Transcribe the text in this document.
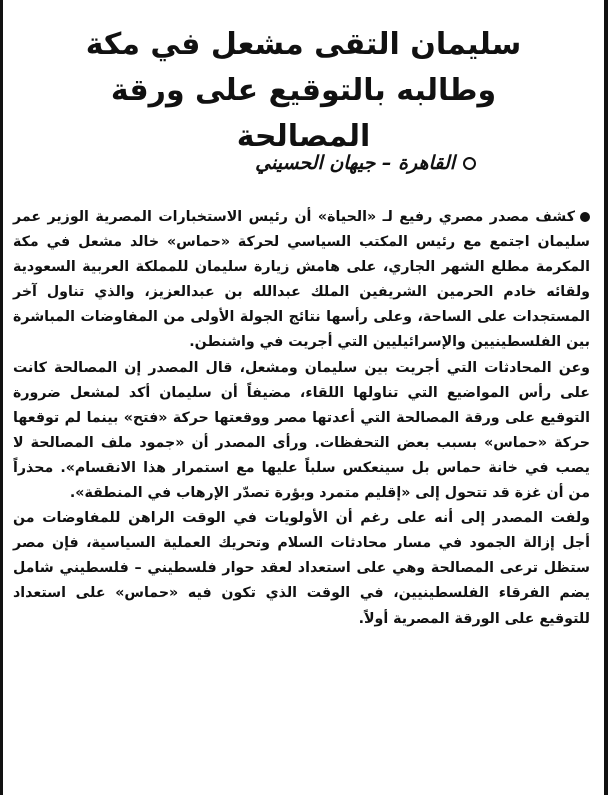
سليمان التقى مشعل في مكة
وطالبه بالتوقيع على ورقة المصالحة
القاهرة – جيهان الحسيني

كشف مصدر مصري رفيع لـ «الحياة» أن رئيس الاستخبارات المصرية الوزير عمر سليمان اجتمع مع رئيس المكتب السياسي لحركة «حماس» خالد مشعل في مكة المكرمة مطلع الشهر الجاري، على هامش زيارة سليمان للمملكة العربية السعودية ولقائه خادم الحرمين الشريفين الملك عبدالله بن عبدالعزيز، والذي تناول آخر المستجدات على الساحة، وعلى رأسها نتائج الجولة الأولى من المفاوضات المباشرة بين الفلسطينيين والإسرائيليين التي أجريت في واشنطن.

وعن المحادثات التي أجريت بين سليمان ومشعل، قال المصدر إن المصالحة كانت على رأس المواضيع التي تناولها اللقاء، مضيفاً أن سليمان أكد لمشعل ضرورة التوقيع على ورقة المصالحة التي أعدتها مصر ووقعتها حركة «فتح» بينما لم توقعها حركة «حماس» بسبب بعض التحفظات. ورأى المصدر أن «جمود ملف المصالحة لا يصب في خانة حماس بل سينعكس سلباً عليها مع استمرار هذا الانقسام». محذراً من أن غزة قد تتحول إلى «إقليم متمرد وبؤرة تصدّر الإرهاب في المنطقة».

ولفت المصدر إلى أنه على رغم أن الأولويات في الوقت الراهن للمفاوضات من أجل إزالة الجمود في مسار محادثات السلام وتحريك العملية السياسية، فإن مصر ستظل ترعى المصالحة وهي على استعداد لعقد حوار فلسطيني – فلسطيني شامل يضم الفرقاء الفلسطينيين، في الوقت الذي تكون فيه «حماس» على استعداد للتوقيع على الورقة المصرية أولاً.
